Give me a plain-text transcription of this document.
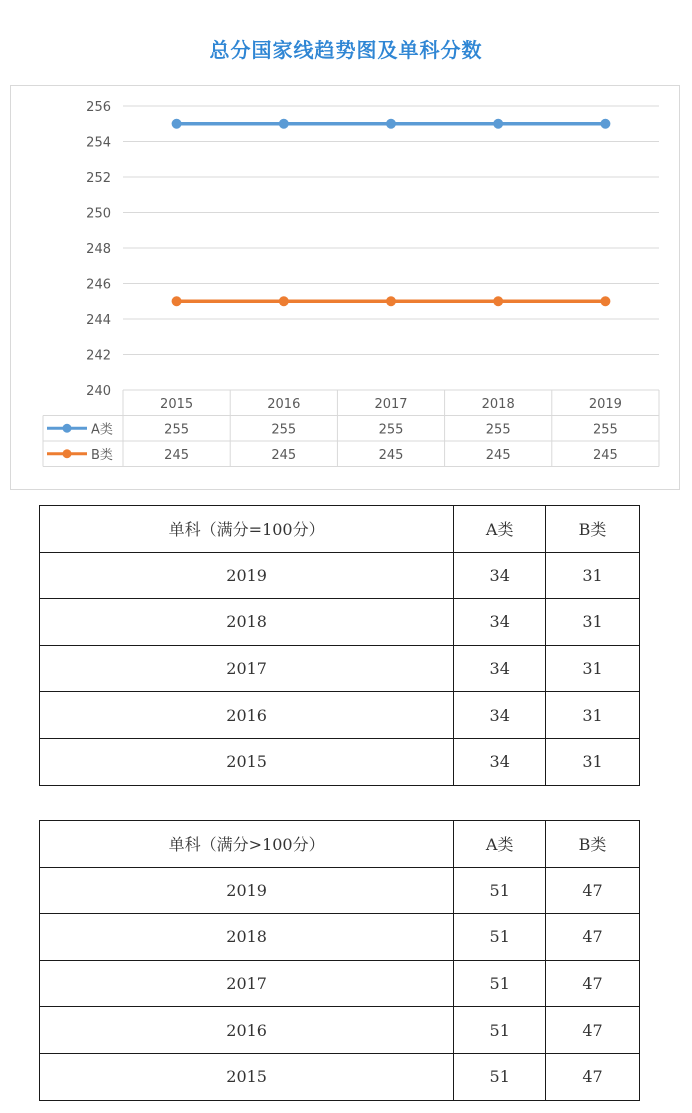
总分国家线趋势图及单科分数
240
242
244
246
248
250
252
254
256
2015	2016	2017	2018	2019
A类	255	255	255	255	255
B类	245	245	245	245	245
单科（满分=100分）	A类	B类
2019	34	31
2018	34	31
2017	34	31
2016	34	31
2015	34	31
单科（满分>100分）	A类	B类
2019	51	47
2018	51	47
2017	51	47
2016	51	47
2015	51	47
